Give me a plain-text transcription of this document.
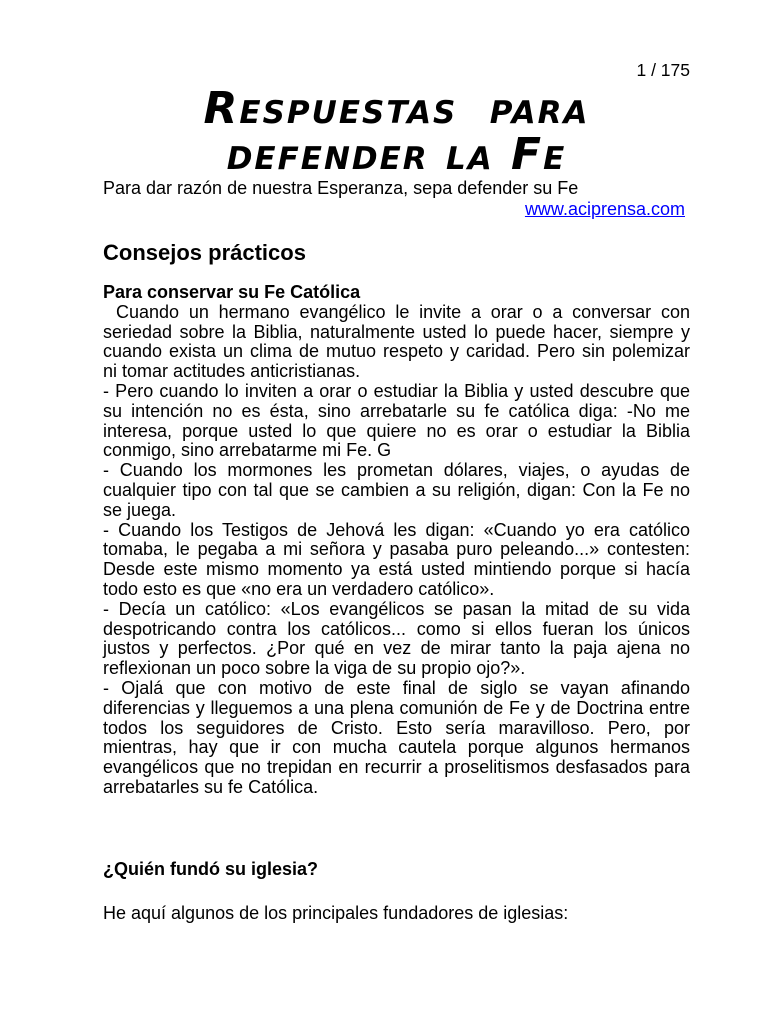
1 / 175
Respuestas para
defender la Fe
Para dar razón de nuestra Esperanza, sepa defender su Fe
www.aciprensa.com
Consejos prácticos
Para conservar su Fe Católica
Cuando un hermano evangélico le invite a orar o a conversar con
seriedad sobre la Biblia, naturalmente usted lo puede hacer, siempre y
cuando exista un clima de mutuo respeto y caridad. Pero sin polemizar
ni tomar actitudes anticristianas.
- Pero cuando lo inviten a orar o estudiar la Biblia y usted descubre que
su intención no es ésta, sino arrebatarle su fe católica diga: -No me
interesa, porque usted lo que quiere no es orar o estudiar la Biblia
conmigo, sino arrebatarme mi Fe. G
- Cuando los mormones les prometan dólares, viajes, o ayudas de
cualquier tipo con tal que se cambien a su religión, digan: Con la Fe no
se juega.
- Cuando los Testigos de Jehová les digan: «Cuando yo era católico
tomaba, le pegaba a mi señora y pasaba puro peleando...» contesten:
Desde este mismo momento ya está usted mintiendo porque si hacía
todo esto es que «no era un verdadero católico».
- Decía un católico: «Los evangélicos se pasan la mitad de su vida
despotricando contra los católicos... como si ellos fueran los únicos
justos y perfectos. ¿Por qué en vez de mirar tanto la paja ajena no
reflexionan un poco sobre la viga de su propio ojo?».
- Ojalá que con motivo de este final de siglo se vayan afinando
diferencias y lleguemos a una plena comunión de Fe y de Doctrina entre
todos los seguidores de Cristo. Esto sería maravilloso. Pero, por
mientras, hay que ir con mucha cautela porque algunos hermanos
evangélicos que no trepidan en recurrir a proselitismos desfasados para
arrebatarles su fe Católica.
¿Quién fundó su iglesia?
He aquí algunos de los principales fundadores de iglesias:
